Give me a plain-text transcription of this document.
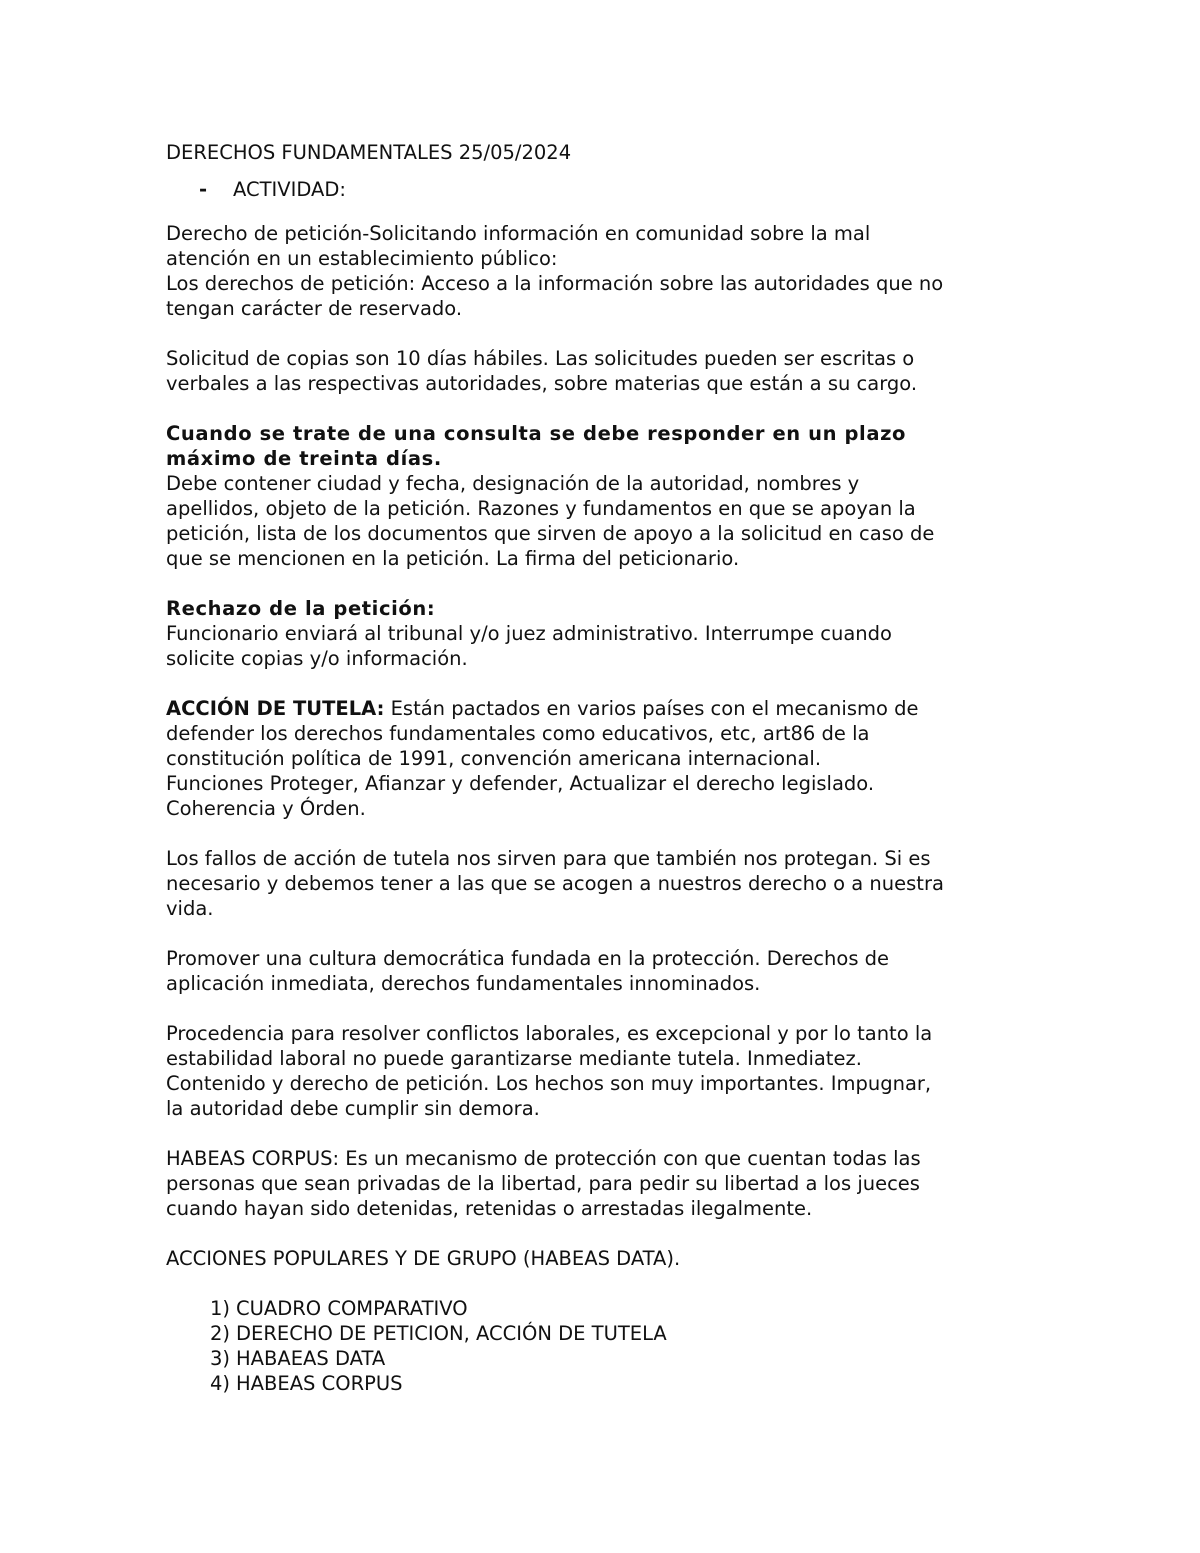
DERECHOS FUNDAMENTALES 25/05/2024
-	ACTIVIDAD:

Derecho de petición-Solicitando información en comunidad sobre la mal

atención en un establecimiento público:

Los derechos de petición: Acceso a la información sobre las autoridades que no

tengan carácter de reservado.

Solicitud de copias son 10 días hábiles. Las solicitudes pueden ser escritas o

verbales a las respectivas autoridades, sobre materias que están a su cargo.

Cuando se trate de una consulta se debe responder en un plazo

máximo de treinta días.

Debe contener ciudad y fecha, designación de la autoridad, nombres y

apellidos, objeto de la petición. Razones y fundamentos en que se apoyan la

petición, lista de los documentos que sirven de apoyo a la solicitud en caso de

que se mencionen en la petición. La firma del peticionario.

Rechazo de la petición:

Funcionario enviará al tribunal y/o juez administrativo. Interrumpe cuando

solicite copias y/o información.

ACCIÓN DE TUTELA: Están pactados en varios países con el mecanismo de

defender los derechos fundamentales como educativos, etc, art86 de la

constitución política de 1991, convención americana internacional.

Funciones Proteger, Afianzar y defender, Actualizar el derecho legislado.

Coherencia y Órden.

Los fallos de acción de tutela nos sirven para que también nos protegan. Si es

necesario y debemos tener a las que se acogen a nuestros derecho o a nuestra

vida.

Promover una cultura democrática fundada en la protección. Derechos de

aplicación inmediata, derechos fundamentales innominados.

Procedencia para resolver conflictos laborales, es excepcional y por lo tanto la

estabilidad laboral no puede garantizarse mediante tutela. Inmediatez.

Contenido y derecho de petición. Los hechos son muy importantes. Impugnar,

la autoridad debe cumplir sin demora.

HABEAS CORPUS: Es un mecanismo de protección con que cuentan todas las

personas que sean privadas de la libertad, para pedir su libertad a los jueces

cuando hayan sido detenidas, retenidas o arrestadas ilegalmente.

ACCIONES POPULARES Y DE GRUPO (HABEAS DATA).

1) CUADRO COMPARATIVO
2) DERECHO DE PETICION, ACCIÓN DE TUTELA
3) HABAEAS DATA
4) HABEAS CORPUS
